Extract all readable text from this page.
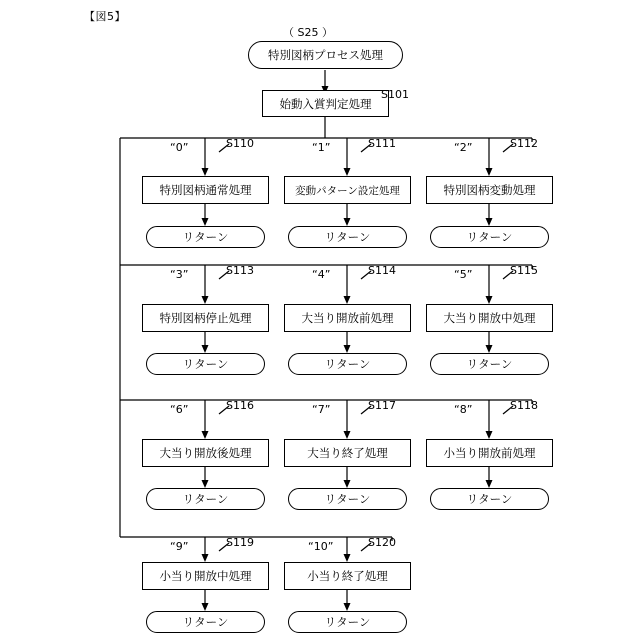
【図5】
（ S25 ）
特別図柄プロセス処理
始動入賞判定処理
S101
“0”	S110
特別図柄通常処理
リターン
“1”	S111
変動パターン設定処理
リターン
“2”	S112
特別図柄変動処理
リターン
“3”	S113
特別図柄停止処理
リターン
“4”	S114
大当り開放前処理
リターン
“5”	S115
大当り開放中処理
リターン
“6”	S116
大当り開放後処理
リターン
“7”	S117
大当り終了処理
リターン
“8”	S118
小当り開放前処理
リターン
“9”	S119
小当り開放中処理
リターン
“10”	S120
小当り終了処理
リターン
